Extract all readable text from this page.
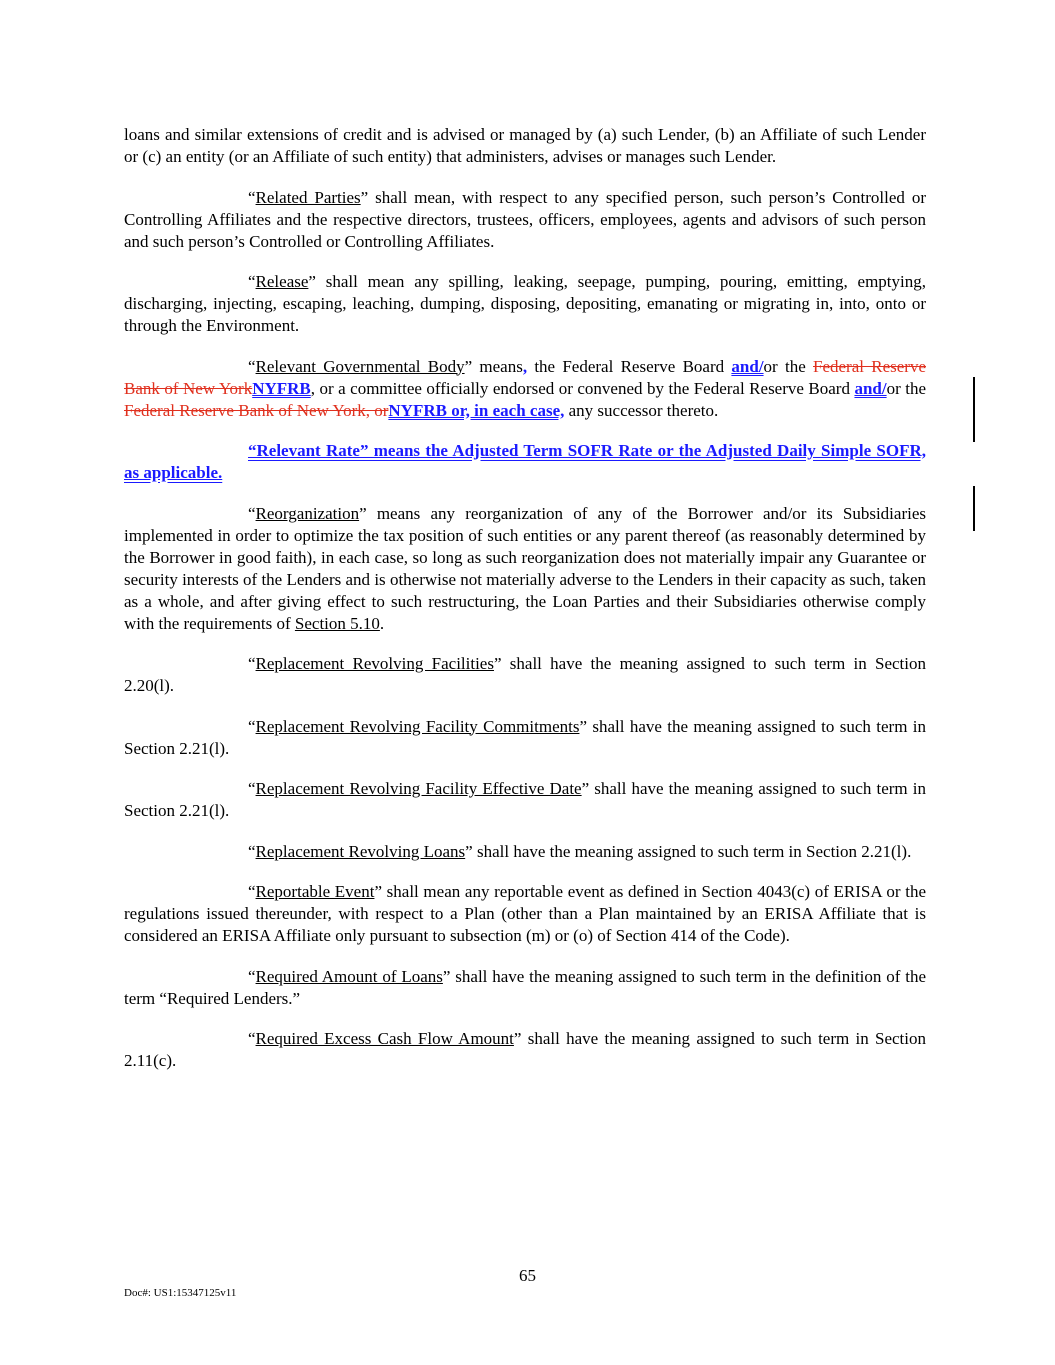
loans and similar extensions of credit and is advised or managed by (a) such Lender, (b) an Affiliate of such Lender or (c) an entity (or an Affiliate of such entity) that administers, advises or manages such Lender.

“Related Parties” shall mean, with respect to any specified person, such person’s Controlled or Controlling Affiliates and the respective directors, trustees, officers, employees, agents and advisors of such person and such person’s Controlled or Controlling Affiliates.

“Release” shall mean any spilling, leaking, seepage, pumping, pouring, emitting, emptying, discharging, injecting, escaping, leaching, dumping, disposing, depositing, emanating or migrating in, into, onto or through the Environment.

“Relevant Governmental Body” means, the Federal Reserve Board and/or the Federal Reserve Bank of New YorkNYFRB, or a committee officially endorsed or convened by the Federal Reserve Board and/or the Federal Reserve Bank of New York, orNYFRB or, in each case, any successor thereto.

“Relevant Rate” means the Adjusted Term SOFR Rate or the Adjusted Daily Simple SOFR, as applicable.

“Reorganization” means any reorganization of any of the Borrower and/or its Subsidiaries implemented in order to optimize the tax position of such entities or any parent thereof (as reasonably determined by the Borrower in good faith), in each case, so long as such reorganization does not materially impair any Guarantee or security interests of the Lenders and is otherwise not materially adverse to the Lenders in their capacity as such, taken as a whole, and after giving effect to such restructuring, the Loan Parties and their Subsidiaries otherwise comply with the requirements of Section 5.10.

“Replacement Revolving Facilities” shall have the meaning assigned to such term in Section 2.20(l).

“Replacement Revolving Facility Commitments” shall have the meaning assigned to such term in Section 2.21(l).

“Replacement Revolving Facility Effective Date” shall have the meaning assigned to such term in Section 2.21(l).

“Replacement Revolving Loans” shall have the meaning assigned to such term in Section 2.21(l).

“Reportable Event” shall mean any reportable event as defined in Section 4043(c) of ERISA or the regulations issued thereunder, with respect to a Plan (other than a Plan maintained by an ERISA Affiliate that is considered an ERISA Affiliate only pursuant to subsection (m) or (o) of Section 414 of the Code).

“Required Amount of Loans” shall have the meaning assigned to such term in the definition of the term “Required Lenders.”

“Required Excess Cash Flow Amount” shall have the meaning assigned to such term in Section 2.11(c).

65
Doc#: US1:15347125v11
